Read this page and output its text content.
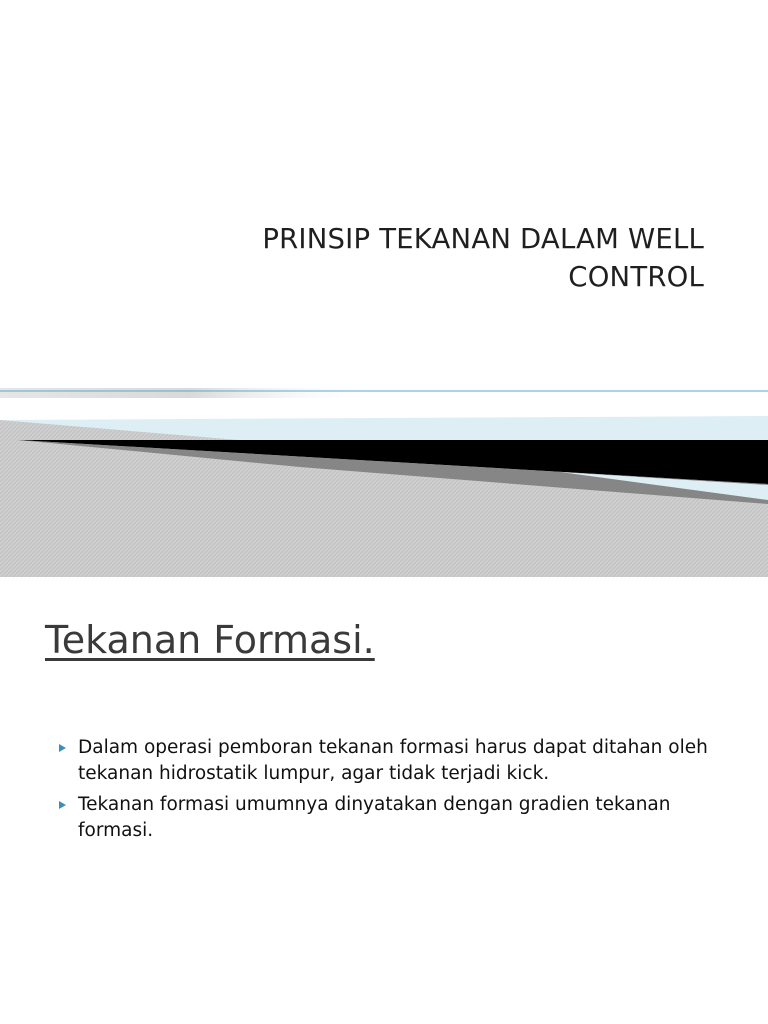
PRINSIP TEKANAN DALAM WELL
CONTROL
Tekanan Formasi.
Dalam operasi pemboran tekanan formasi harus dapat ditahan oleh tekanan hidrostatik lumpur, agar tidak terjadi kick.
Tekanan formasi umumnya dinyatakan dengan gradien tekanan formasi.
